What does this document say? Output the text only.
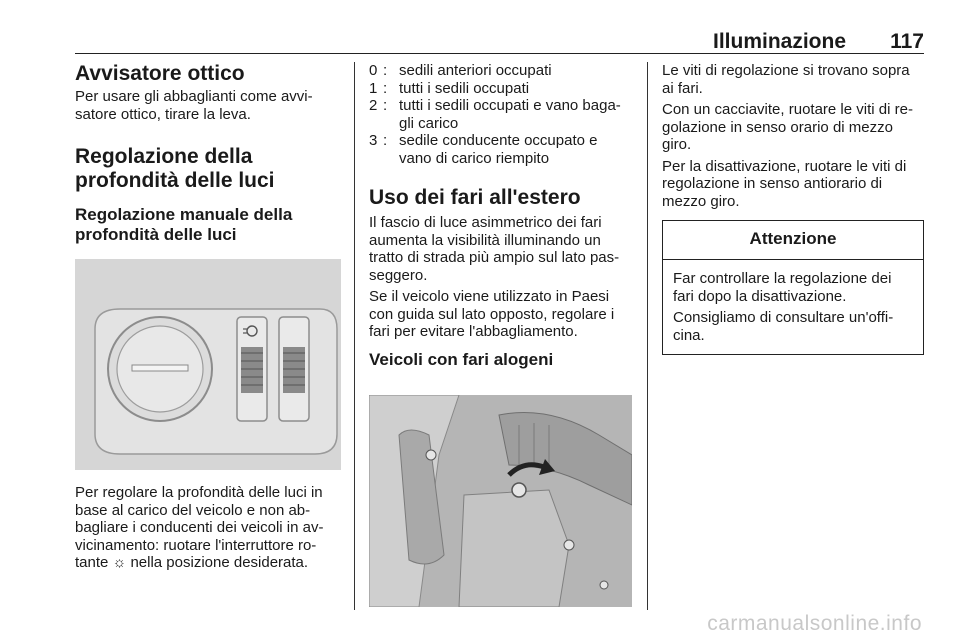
Illuminazione 117

Avvisatore ottico

Per usare gli abbaglianti come avvi-satore ottico, tirare la leva.

Regolazione della profondità delle luci

Regolazione manuale della profondità delle luci

Per regolare la profondità delle luci in base al carico del veicolo e non ab-bagliare i conducenti dei veicoli in av-vicinamento: ruotare l'interruttore ro-tante ☼ nella posizione desiderata.

0 : sedili anteriori occupati
1 : tutti i sedili occupati
2 : tutti i sedili occupati e vano baga-gli carico
3 : sedile conducente occupato e vano di carico riempito

Uso dei fari all'estero

Il fascio di luce asimmetrico dei fari aumenta la visibilità illuminando un tratto di strada più ampio sul lato pas-seggero.

Se il veicolo viene utilizzato in Paesi con guida sul lato opposto, regolare i fari per evitare l'abbagliamento.

Veicoli con fari alogeni

Le viti di regolazione si trovano sopra ai fari.

Con un cacciavite, ruotare le viti di re-golazione in senso orario di mezzo giro.

Per la disattivazione, ruotare le viti di regolazione in senso antiorario di mezzo giro.

Attenzione

Far controllare la regolazione dei fari dopo la disattivazione.

Consigliamo di consultare un'offi-cina.

carmanualsonline.info
